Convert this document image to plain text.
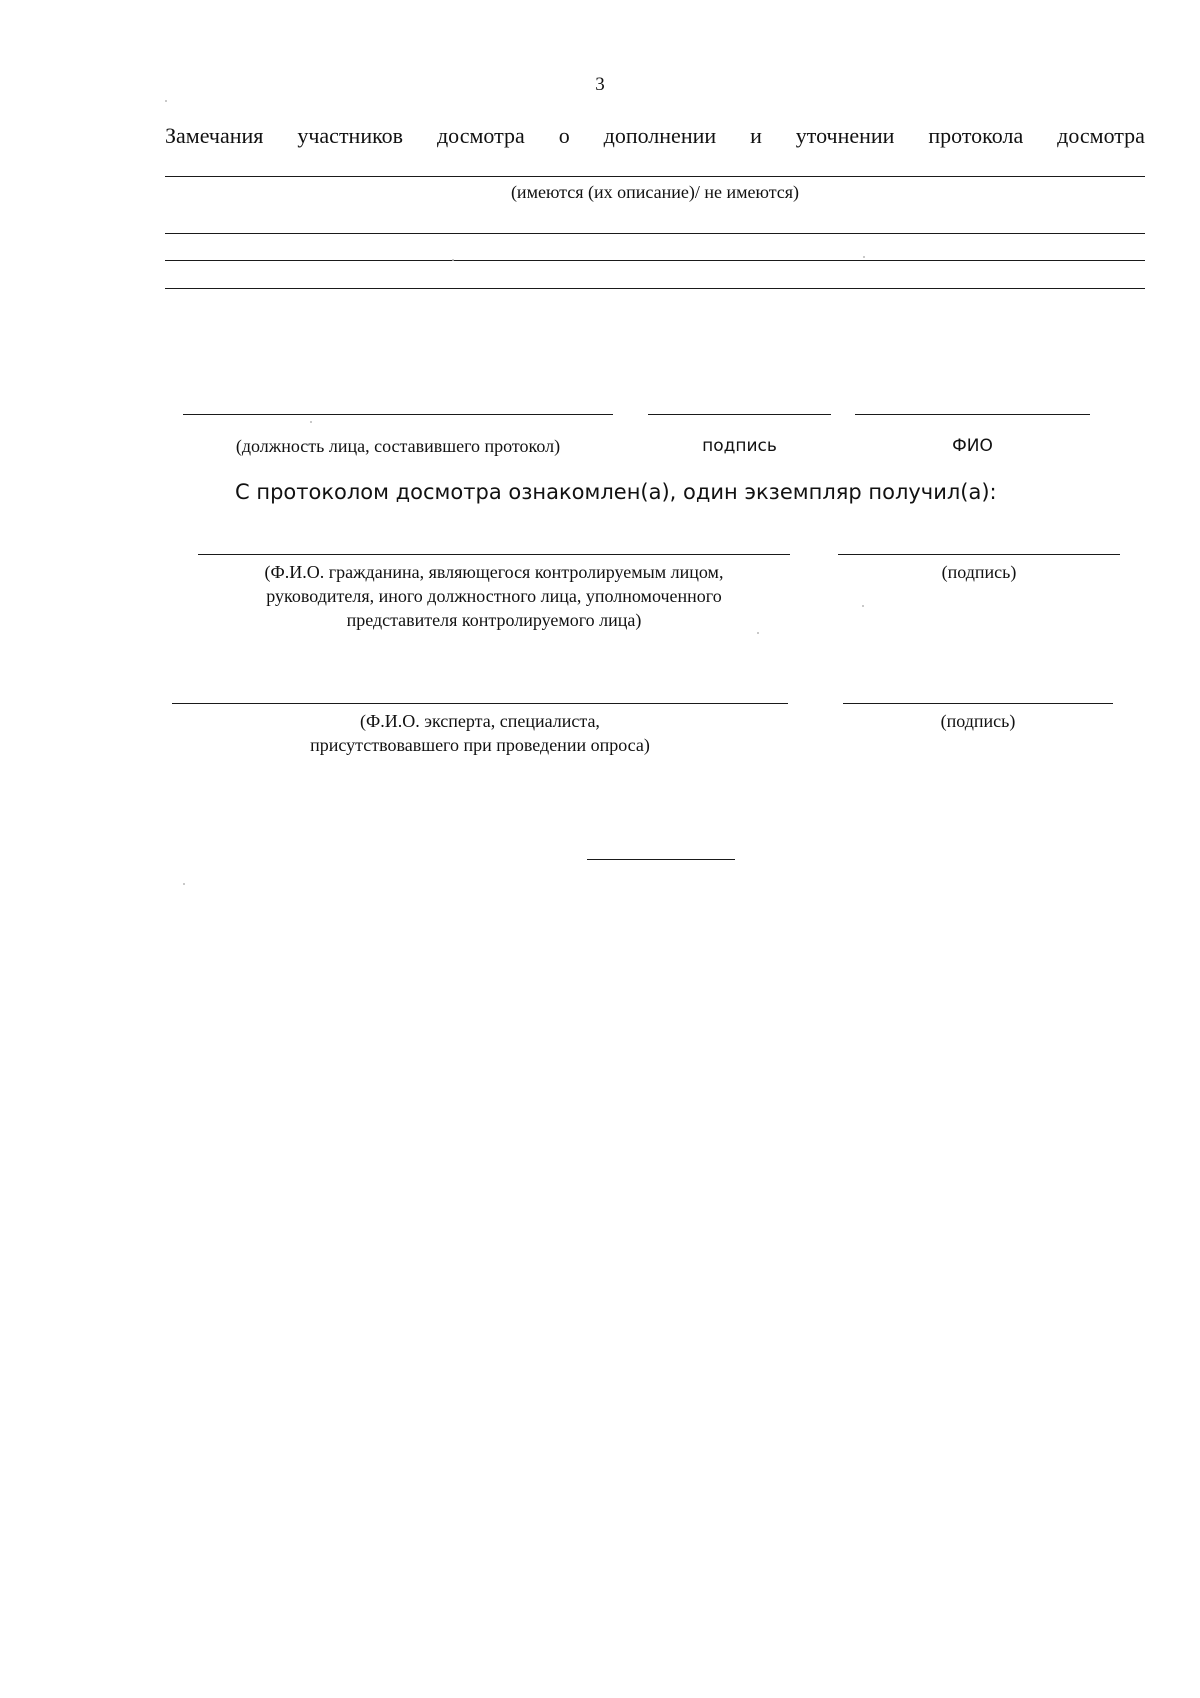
3
Замечания участников досмотра о дополнении и уточнении протокола досмотра
(имеются (их описание)/ не имеются)
(должность лица, составившего протокол)	подпись	ФИО
С протоколом досмотра ознакомлен(а), один экземпляр получил(а):
(Ф.И.О. гражданина, являющегося контролируемым лицом,
руководителя, иного должностного лица, уполномоченного
представителя контролируемого лица)
(подпись)
(Ф.И.О. эксперта, специалиста,
присутствовавшего при проведении опроса)
(подпись)
